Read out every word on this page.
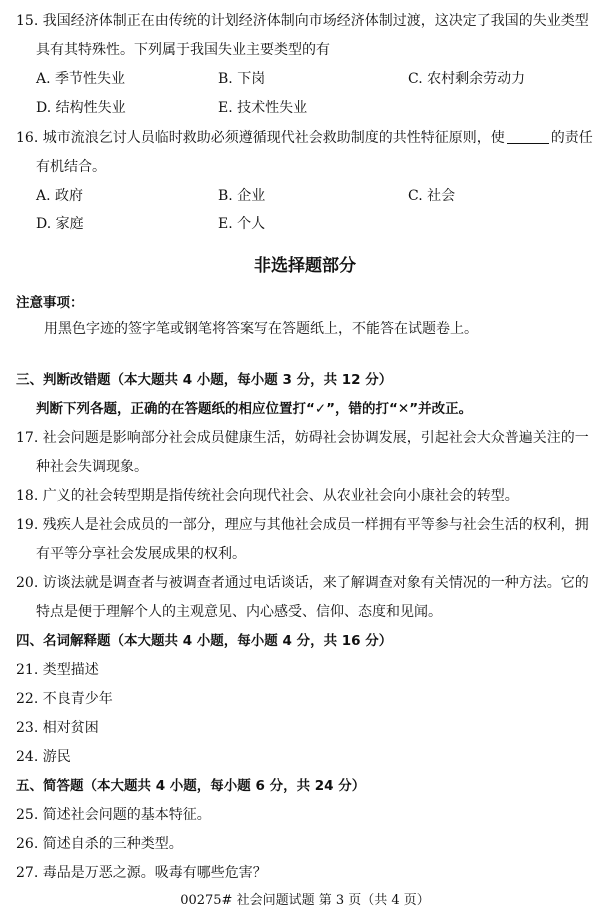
15. 我国经济体制正在由传统的计划经济体制向市场经济体制过渡，这决定了我国的失业类型
具有其特殊性。下列属于我国失业主要类型的有
A. 季节性失业	B. 下岗	C. 农村剩余劳动力
D. 结构性失业	E. 技术性失业
16. 城市流浪乞讨人员临时救助必须遵循现代社会救助制度的共性特征原则，使	的责任
有机结合。
A. 政府	B. 企业	C. 社会
D. 家庭	E. 个人
非选择题部分
注意事项：
用黑色字迹的签字笔或钢笔将答案写在答题纸上，不能答在试题卷上。
三、判断改错题（本大题共 4 小题，每小题 3 分，共 12 分）
判断下列各题，正确的在答题纸的相应位置打“✓”，错的打“✕”并改正。
17. 社会问题是影响部分社会成员健康生活，妨碍社会协调发展，引起社会大众普遍关注的一
种社会失调现象。
18. 广义的社会转型期是指传统社会向现代社会、从农业社会向小康社会的转型。
19. 残疾人是社会成员的一部分，理应与其他社会成员一样拥有平等参与社会生活的权利，拥
有平等分享社会发展成果的权利。
20. 访谈法就是调查者与被调查者通过电话谈话，来了解调查对象有关情况的一种方法。它的
特点是便于理解个人的主观意见、内心感受、信仰、态度和见闻。
四、名词解释题（本大题共 4 小题，每小题 4 分，共 16 分）
21. 类型描述
22. 不良青少年
23. 相对贫困
24. 游民
五、简答题（本大题共 4 小题，每小题 6 分，共 24 分）
25. 简述社会问题的基本特征。
26. 简述自杀的三种类型。
27. 毒品是万恶之源。吸毒有哪些危害？
00275# 社会问题试题 第 3 页（共 4 页）
